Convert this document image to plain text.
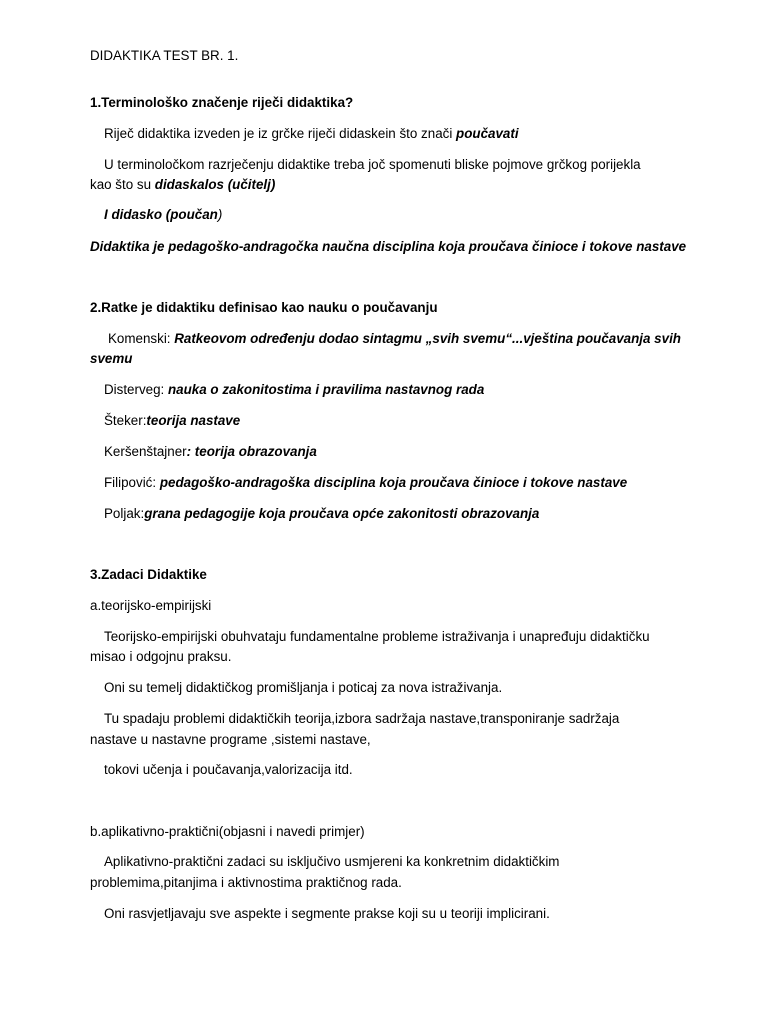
DIDAKTIKA TEST BR. 1.
1.Terminološko značenje riječi didaktika?
Riječ didaktika izveden je iz grčke riječi didaskein što znači poučavati
U terminoločkom razrječenju didaktike treba joč spomenuti bliske pojmove grčkog porijekla
kao što su didaskalos (učitelj)
I didasko (poučan)
Didaktika je pedagoško-andragočka naučna disciplina koja proučava činioce i tokove nastave
2.Ratke je didaktiku definisao kao nauku o poučavanju
Komenski: Ratkeovom određenju dodao sintagmu „svih svemu“...vještina poučavanja svih
svemu
Disterveg: nauka o zakonitostima i pravilima nastavnog rada
Šteker:teorija nastave
Keršenštajner: teorija obrazovanja
Filipović: pedagoško-andragoška disciplina koja proučava činioce i tokove nastave
Poljak:grana pedagogije koja proučava opće zakonitosti obrazovanja
3.Zadaci Didaktike
a.teorijsko-empirijski
Teorijsko-empirijski obuhvataju fundamentalne probleme istraživanja i unapređuju didaktičku
misao i odgojnu praksu.
Oni su temelj didaktičkog promišljanja i poticaj za nova istraživanja.
Tu spadaju problemi didaktičkih teorija,izbora sadržaja nastave,transponiranje sadržaja
nastave u nastavne programe ,sistemi nastave,
tokovi učenja i poučavanja,valorizacija itd.
b.aplikativno-praktični(objasni i navedi primjer)
Aplikativno-praktični zadaci su isključivo usmjereni ka konkretnim didaktičkim
problemima,pitanjima i aktivnostima praktičnog rada.
Oni rasvjetljavaju sve aspekte i segmente prakse koji su u teoriji implicirani.
